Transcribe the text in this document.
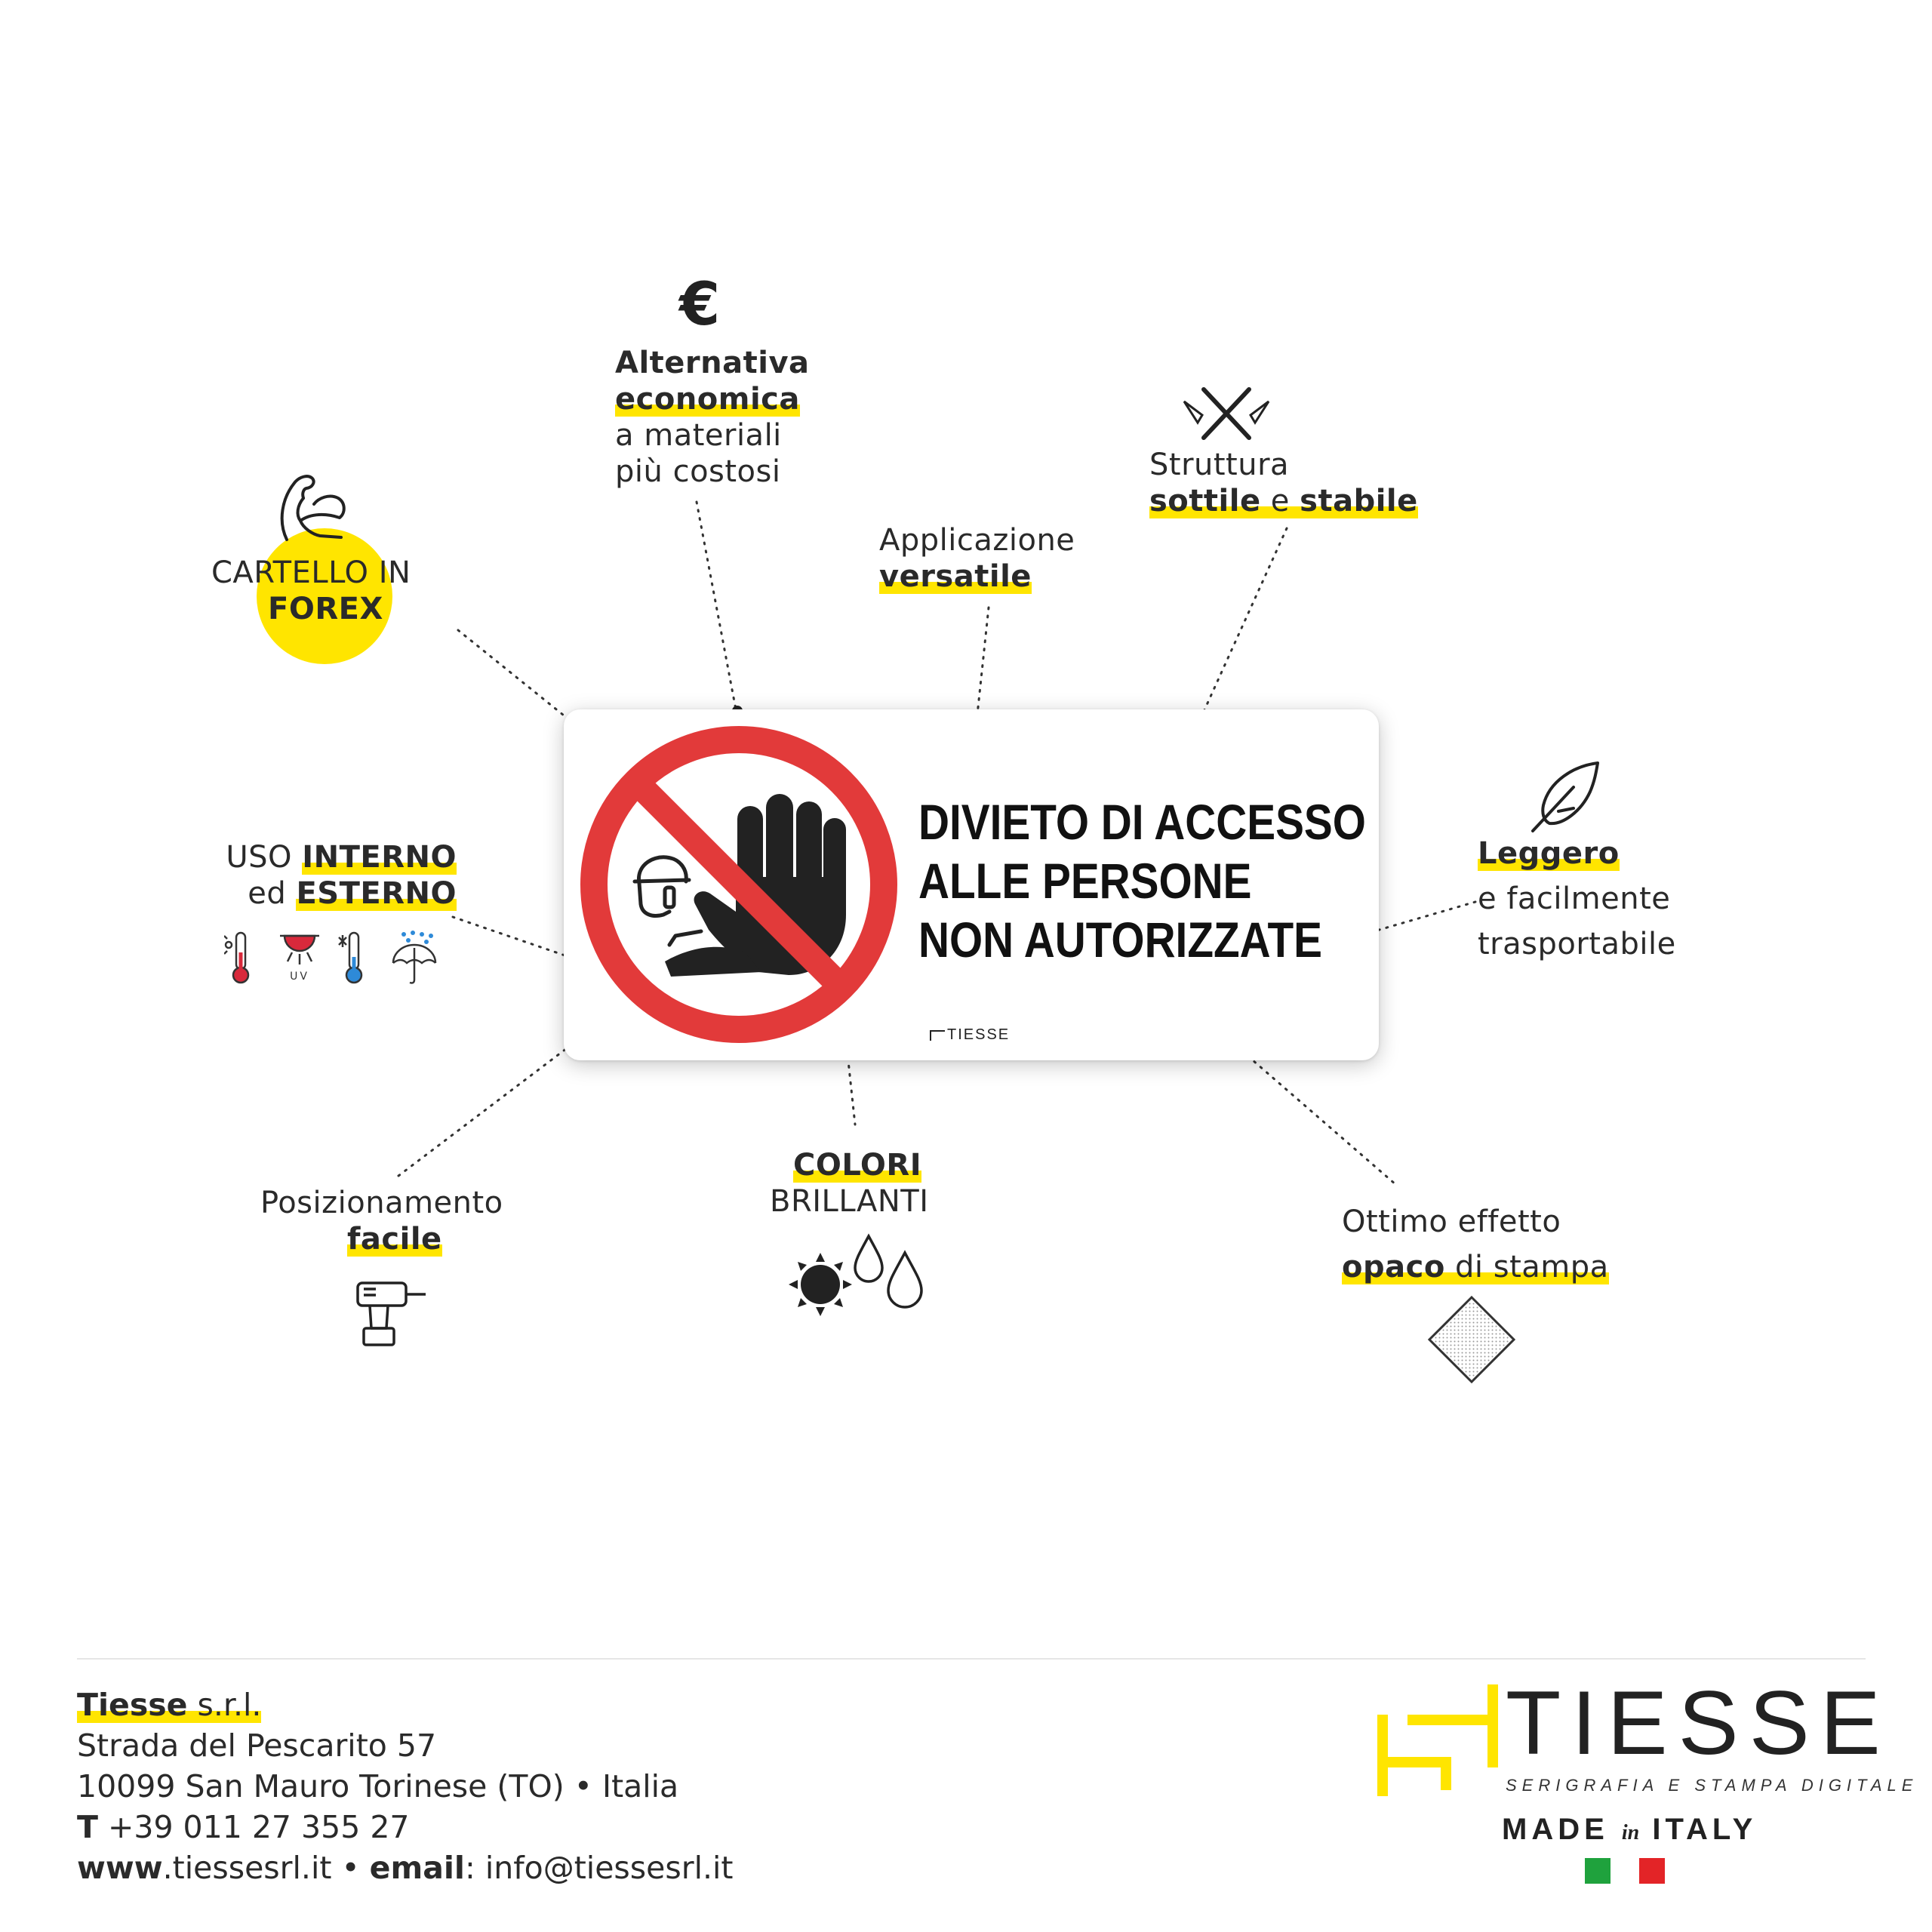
CARTELLO IN
FOREX
€
Alternativa
economica
a materiali
più costosi
Applicazione
versatile
Struttura
sottile e stabile
Leggero
e facilmente
trasportabile
USO INTERNO
ed ESTERNO
UV
DIVIETO DI ACCESSO
ALLE PERSONE
NON AUTORIZZATE
TIESSE
Posizionamento
facile
COLORI
BRILLANTI
Ottimo effetto
opaco di stampa
Tiesse s.r.l.
Strada del Pescarito 57
10099 San Mauro Torinese (TO) • Italia
T +39 011 27 355 27
www.tiessesrl.it • email: info@tiessesrl.it
TIESSE
SERIGRAFIA E STAMPA DIGITALE
MADE in ITALY
